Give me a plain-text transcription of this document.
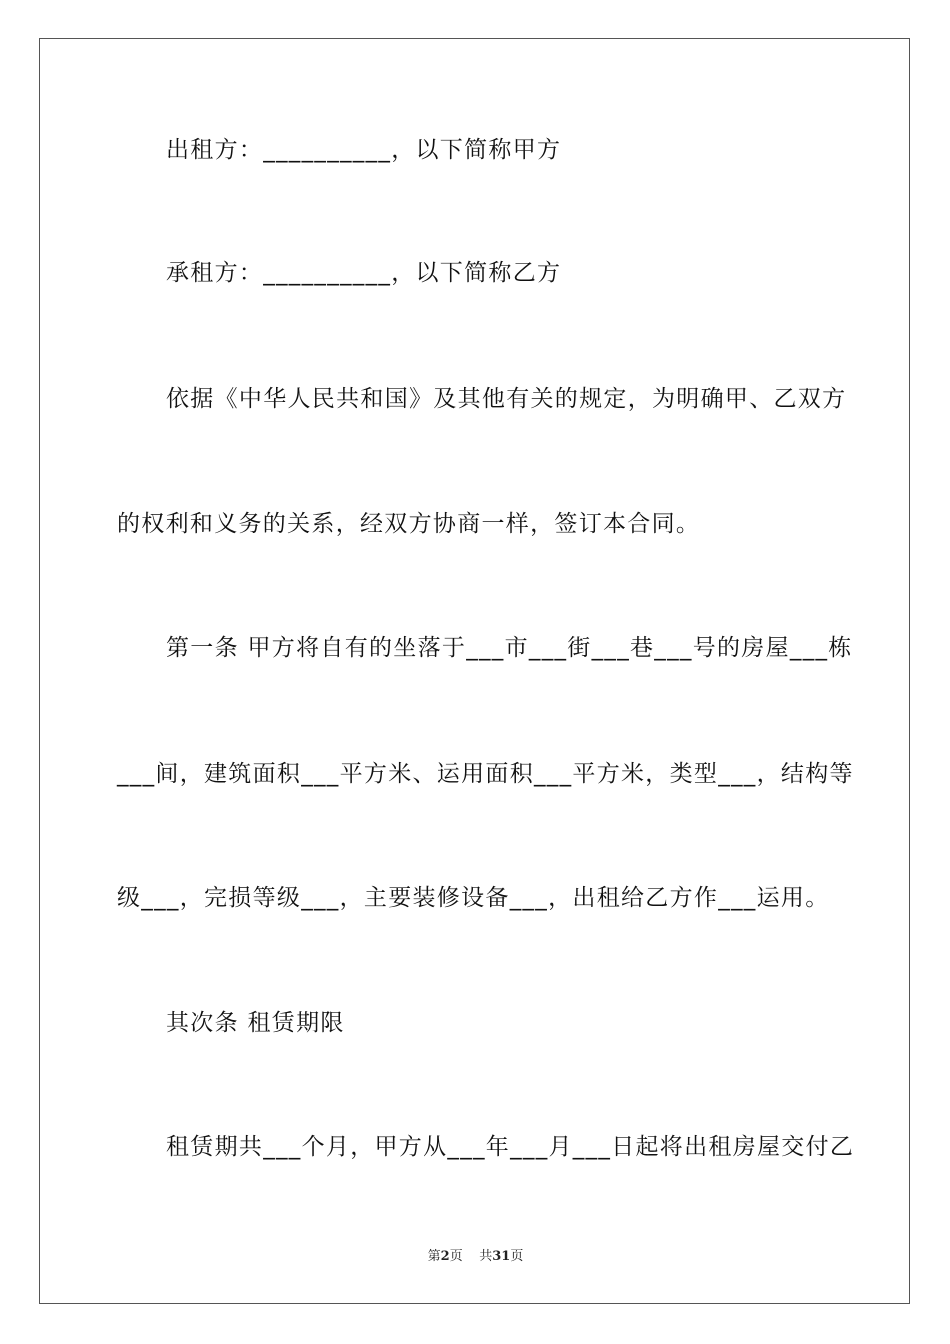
出租方：__________，以下简称甲方
承租方：__________，以下简称乙方
依据《中华人民共和国》及其他有关的规定，为明确甲、乙双方
的权利和义务的关系，经双方协商一样，签订本合同。
第一条 甲方将自有的坐落于___市___街___巷___号的房屋___栋
___间，建筑面积___平方米、运用面积___平方米，类型___，结构等
级___，完损等级___，主要装修设备___，出租给乙方作___运用。
其次条 租赁期限
租赁期共___个月，甲方从___年___月___日起将出租房屋交付乙
第2页    共31页
